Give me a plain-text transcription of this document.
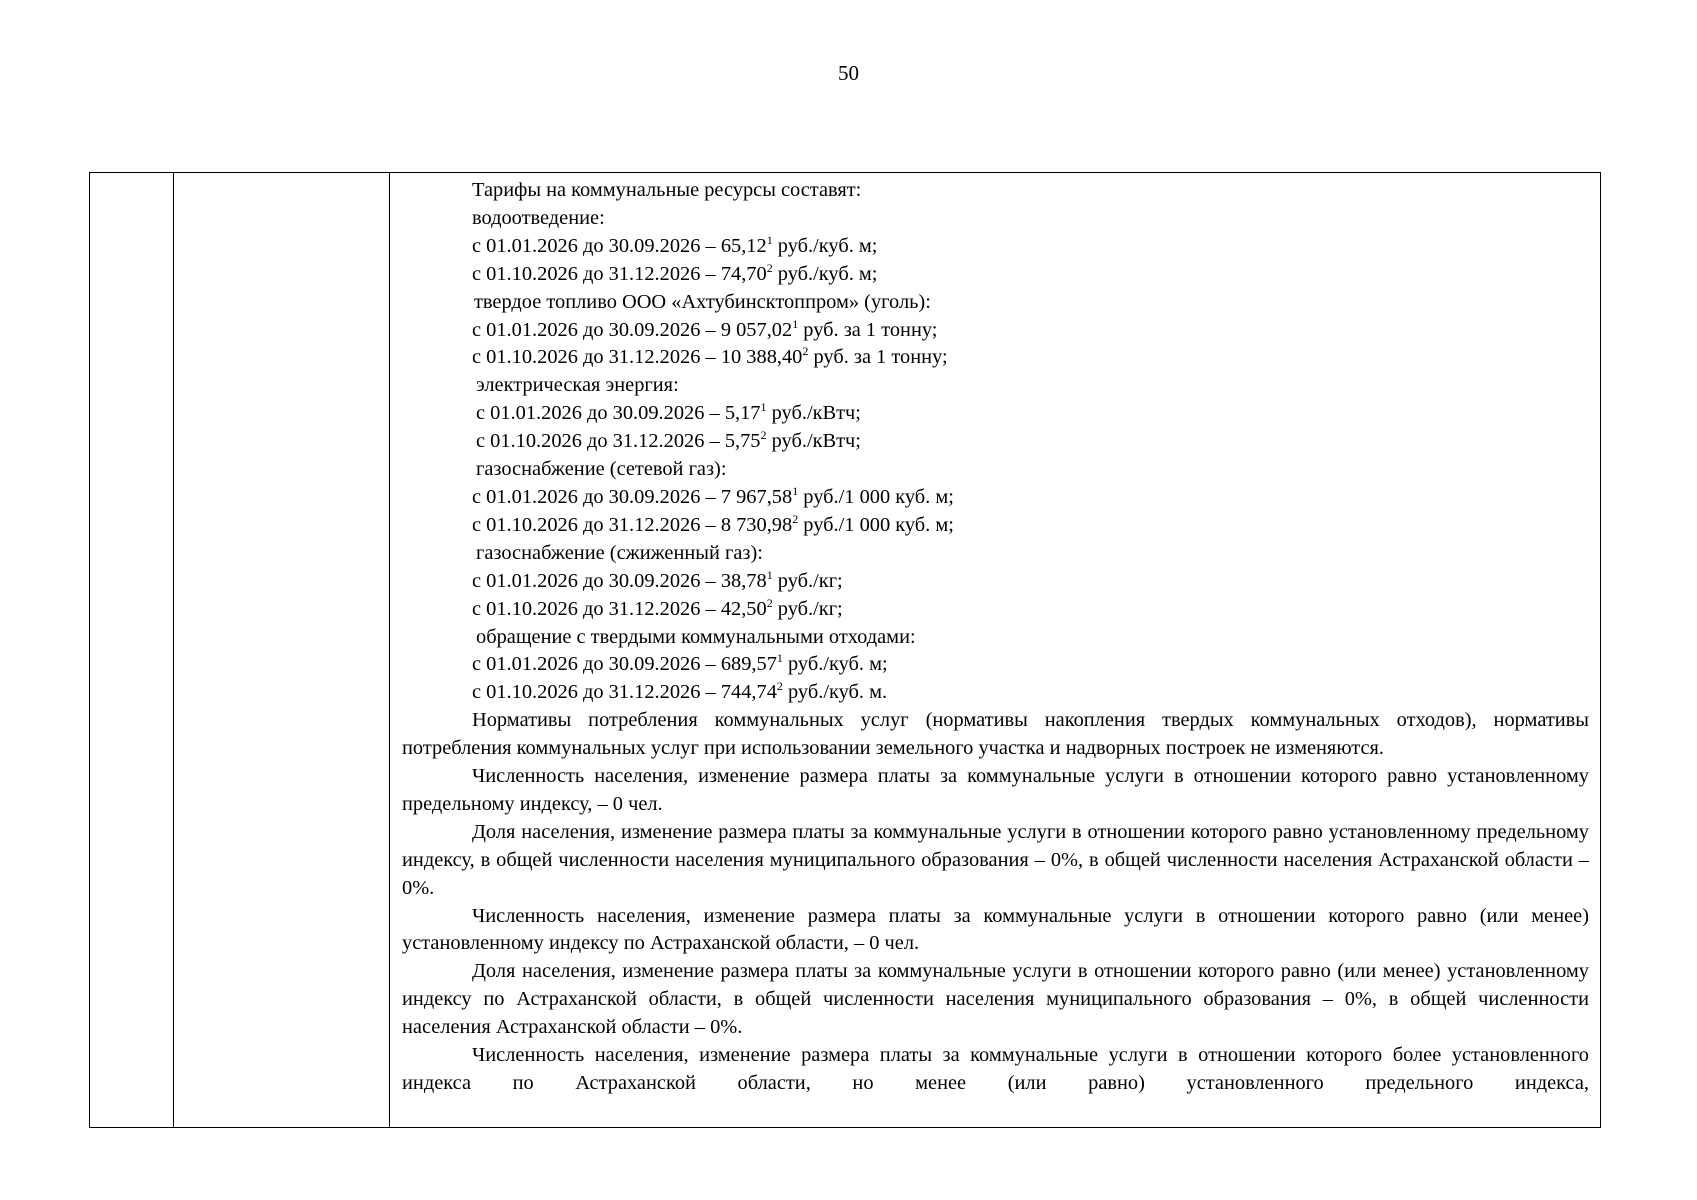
50

Тарифы на коммунальные ресурсы составят:

водоотведение:

с 01.01.2026 до 30.09.2026 – 65,12$^1$ руб./куб. м;

с 01.10.2026 до 31.12.2026 – 74,70$^2$ руб./куб. м;

твердое топливо ООО «Ахтубинсктоппром» (уголь):

с 01.01.2026 до 30.09.2026 – 9 057,02$^1$ руб. за 1 тонну;

с 01.10.2026 до 31.12.2026 – 10 388,40$^2$ руб. за 1 тонну;

электрическая энергия:

с 01.01.2026 до 30.09.2026 – 5,17$^1$ руб./кВтч;

с 01.10.2026 до 31.12.2026 – 5,75$^2$ руб./кВтч;

газоснабжение (сетевой газ):

с 01.01.2026 до 30.09.2026 – 7 967,58$^1$ руб./1 000 куб. м;

с 01.10.2026 до 31.12.2026 – 8 730,98$^2$ руб./1 000 куб. м;

газоснабжение (сжиженный газ):

с 01.01.2026 до 30.09.2026 – 38,78$^1$ руб./кг;

с 01.10.2026 до 31.12.2026 – 42,50$^2$ руб./кг;

обращение с твердыми коммунальными отходами:

с 01.01.2026 до 30.09.2026 – 689,57$^1$ руб./куб. м;

с 01.10.2026 до 31.12.2026 – 744,74$^2$ руб./куб. м.

Нормативы потребления коммунальных услуг (нормативы накопления твердых коммунальных отходов), нормативы потребления коммунальных услуг при использовании земельного участка и надворных построек не изменяются.

Численность населения, изменение размера платы за коммунальные услуги в отношении которого равно установленному предельному индексу, – 0 чел.

Доля населения, изменение размера платы за коммунальные услуги в отношении которого равно установленному предельному индексу, в общей численности населения муниципального образования – 0%, в общей численности населения Астраханской области – 0%.

Численность населения, изменение размера платы за коммунальные услуги в отношении которого равно (или менее) установленному индексу по Астраханской области, – 0 чел.

Доля населения, изменение размера платы за коммунальные услуги в отношении которого равно (или менее) установленному индексу по Астраханской области, в общей численности населения муниципального образования – 0%, в общей численности населения Астраханской области – 0%.

Численность населения, изменение размера платы за коммунальные услуги в отношении которого более установленного индекса по Астраханской области, но менее (или равно) установленного предельного индекса,
